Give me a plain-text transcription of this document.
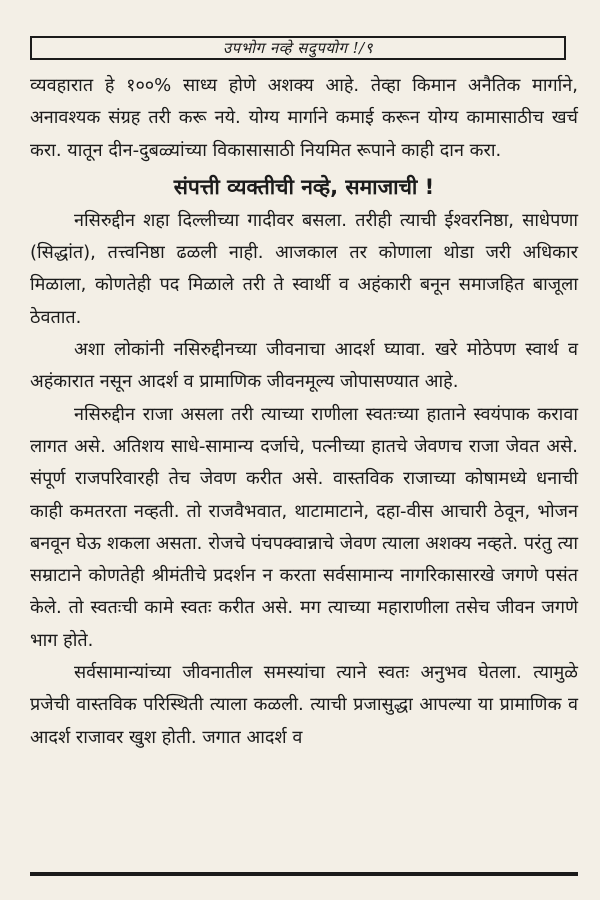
उपभोग नव्हे सदुपयोग !/९

व्यवहारात हे १००% साध्य होणे अशक्य आहे. तेव्हा किमान अनैतिक मार्गाने, अनावश्यक संग्रह तरी करू नये. योग्य मार्गाने कमाई करून योग्य कामासाठीच खर्च करा. यातून दीन-दुबळ्यांच्या विकासासाठी नियमित रूपाने काही दान करा.

संपत्ती व्यक्तीची नव्हे, समाजाची !

नसिरुद्दीन शहा दिल्लीच्या गादीवर बसला. तरीही त्याची ईश्वरनिष्ठा, साधेपणा (सिद्धांत), तत्त्वनिष्ठा ढळली नाही. आजकाल तर कोणाला थोडा जरी अधिकार मिळाला, कोणतेही पद मिळाले तरी ते स्वार्थी व अहंकारी बनून समाजहित बाजूला ठेवतात.

अशा लोकांनी नसिरुद्दीनच्या जीवनाचा आदर्श घ्यावा. खरे मोठेपण स्वार्थ व अहंकारात नसून आदर्श व प्रामाणिक जीवनमूल्य जोपासण्यात आहे.

नसिरुद्दीन राजा असला तरी त्याच्या राणीला स्वतःच्या हाताने स्वयंपाक करावा लागत असे. अतिशय साधे-सामान्य दर्जाचे, पत्नीच्या हातचे जेवणच राजा जेवत असे. संपूर्ण राजपरिवारही तेच जेवण करीत असे. वास्तविक राजाच्या कोषामध्ये धनाची काही कमतरता नव्हती. तो राजवैभवात, थाटामाटाने, दहा-वीस आचारी ठेवून, भोजन बनवून घेऊ शकला असता. रोजचे पंचपक्वान्नाचे जेवण त्याला अशक्य नव्हते. परंतु त्या सम्राटाने कोणतेही श्रीमंतीचे प्रदर्शन न करता सर्वसामान्य नागरिकासारखे जगणे पसंत केले. तो स्वतःची कामे स्वतः करीत असे. मग त्याच्या महाराणीला तसेच जीवन जगणे भाग होते.

सर्वसामान्यांच्या जीवनातील समस्यांचा त्याने स्वतः अनुभव घेतला. त्यामुळे प्रजेची वास्तविक परिस्थिती त्याला कळली. त्याची प्रजासुद्धा आपल्या या प्रामाणिक व आदर्श राजावर खुश होती. जगात आदर्श व
